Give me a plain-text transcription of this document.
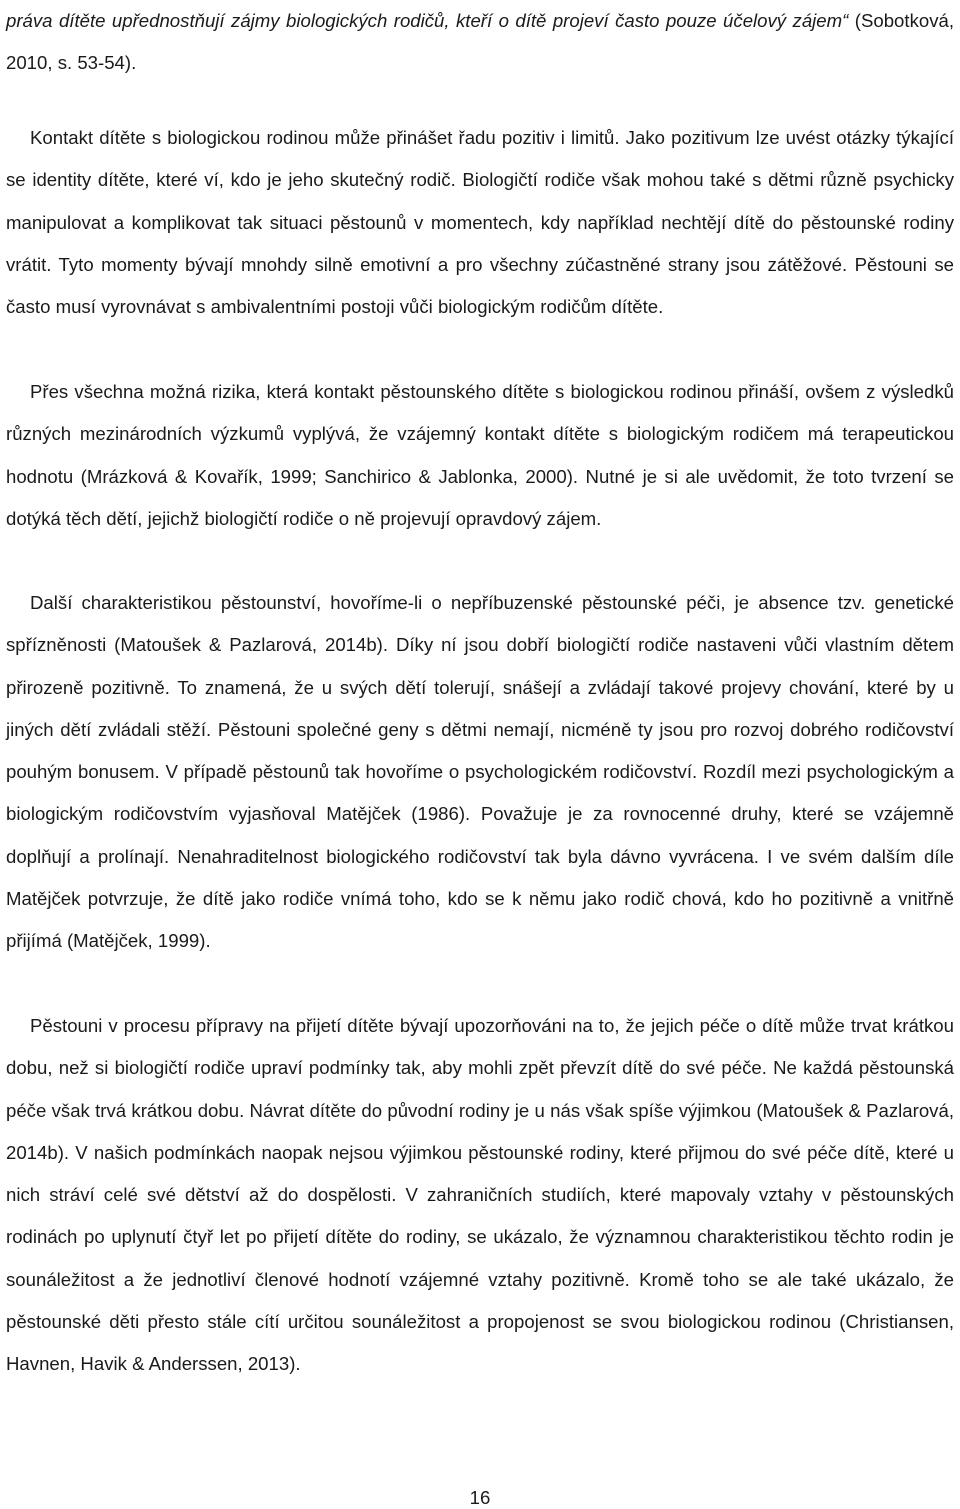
práva dítěte upřednostňují zájmy biologických rodičů, kteří o dítě projeví často pouze účelový zájem“ (Sobotková, 2010, s. 53-54).

Kontakt dítěte s biologickou rodinou může přinášet řadu pozitiv i limitů. Jako pozitivum lze uvést otázky týkající se identity dítěte, které ví, kdo je jeho skutečný rodič. Biologičtí rodiče však mohou také s dětmi různě psychicky manipulovat a komplikovat tak situaci pěstounů v momentech, kdy například nechtějí dítě do pěstounské rodiny vrátit. Tyto momenty bývají mnohdy silně emotivní a pro všechny zúčastněné strany jsou zátěžové. Pěstouni se často musí vyrovnávat s ambivalentními postoji vůči biologickým rodičům dítěte.

Přes všechna možná rizika, která kontakt pěstounského dítěte s biologickou rodinou přináší, ovšem z výsledků různých mezinárodních výzkumů vyplývá, že vzájemný kontakt dítěte s biologickým rodičem má terapeutickou hodnotu (Mrázková & Kovařík, 1999; Sanchirico & Jablonka, 2000). Nutné je si ale uvědomit, že toto tvrzení se dotýká těch dětí, jejichž biologičtí rodiče o ně projevují opravdový zájem.

Další charakteristikou pěstounství, hovoříme-li o nepříbuzenské pěstounské péči, je absence tzv. genetické spřízněnosti (Matoušek & Pazlarová, 2014b). Díky ní jsou dobří biologičtí rodiče nastaveni vůči vlastním dětem přirozeně pozitivně. To znamená, že u svých dětí tolerují, snášejí a zvládají takové projevy chování, které by u jiných dětí zvládali stěží. Pěstouni společné geny s dětmi nemají, nicméně ty jsou pro rozvoj dobrého rodičovství pouhým bonusem. V případě pěstounů tak hovoříme o psychologickém rodičovství. Rozdíl mezi psychologickým a biologickým rodičovstvím vyjasňoval Matějček (1986). Považuje je za rovnocenné druhy, které se vzájemně doplňují a prolínají. Nenahraditelnost biologického rodičovství tak byla dávno vyvrácena. I ve svém dalším díle Matějček potvrzuje, že dítě jako rodiče vnímá toho, kdo se k němu jako rodič chová, kdo ho pozitivně a vnitřně přijímá (Matějček, 1999).

Pěstouni v procesu přípravy na přijetí dítěte bývají upozorňováni na to, že jejich péče o dítě může trvat krátkou dobu, než si biologičtí rodiče upraví podmínky tak, aby mohli zpět převzít dítě do své péče. Ne každá pěstounská péče však trvá krátkou dobu. Návrat dítěte do původní rodiny je u nás však spíše výjimkou (Matoušek & Pazlarová, 2014b). V našich podmínkách naopak nejsou výjimkou pěstounské rodiny, které přijmou do své péče dítě, které u nich stráví celé své dětství až do dospělosti. V zahraničních studiích, které mapovaly vztahy v pěstounských rodinách po uplynutí čtyř let po přijetí dítěte do rodiny, se ukázalo, že významnou charakteristikou těchto rodin je sounáležitost a že jednotliví členové hodnotí vzájemné vztahy pozitivně. Kromě toho se ale také ukázalo, že pěstounské děti přesto stále cítí určitou sounáležitost a propojenost se svou biologickou rodinou (Christiansen, Havnen, Havik & Anderssen, 2013).

16
